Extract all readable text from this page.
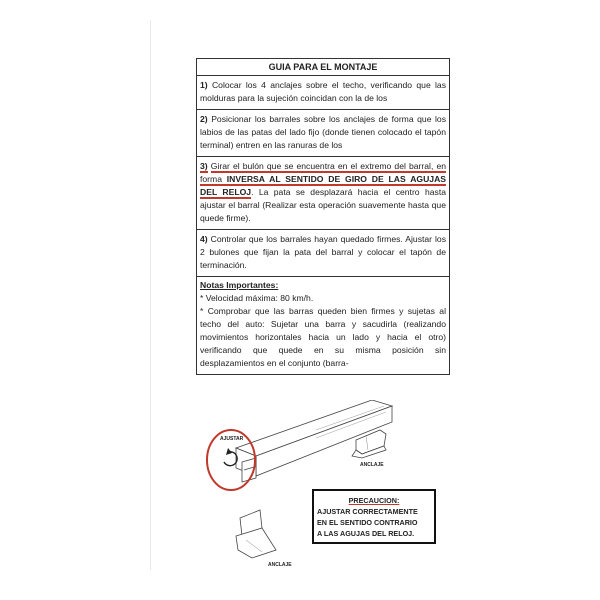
GUIA PARA EL MONTAJE
1) Colocar los 4 anclajes sobre el techo, verificando que las molduras para la sujeción coincidan con la de los
2) Posicionar los barrales sobre los anclajes de forma que los labios de las patas del lado fijo (donde tienen colocado el tapón terminal) entren en las ranuras de los
3) Girar el bulón que se encuentra en el extremo del barral, en forma INVERSA AL SENTIDO DE GIRO DE LAS AGUJAS DEL RELOJ. La pata se desplazará hacia el centro hasta ajustar el barral (Realizar esta operación suavemente hasta que quede firme).
4) Controlar que los barrales hayan quedado firmes. Ajustar los 2 bulones que fijan la pata del barral y colocar el tapón de terminación.
Notas Importantes:
* Velocidad máxima: 80 km/h.
* Comprobar que las barras queden bien firmes y sujetas al techo del auto: Sujetar una barra y sacudirla (realizando movimientos horizontales hacia un lado y hacia el otro) verificando que quede en su misma posición sin desplazamientos en el conjunto (barra-
ANCLAJE
AJUSTAR
ANCLAJE
PRECAUCION:
AJUSTAR CORRECTAMENTE
EN EL SENTIDO CONTRARIO
A LAS AGUJAS DEL RELOJ.
